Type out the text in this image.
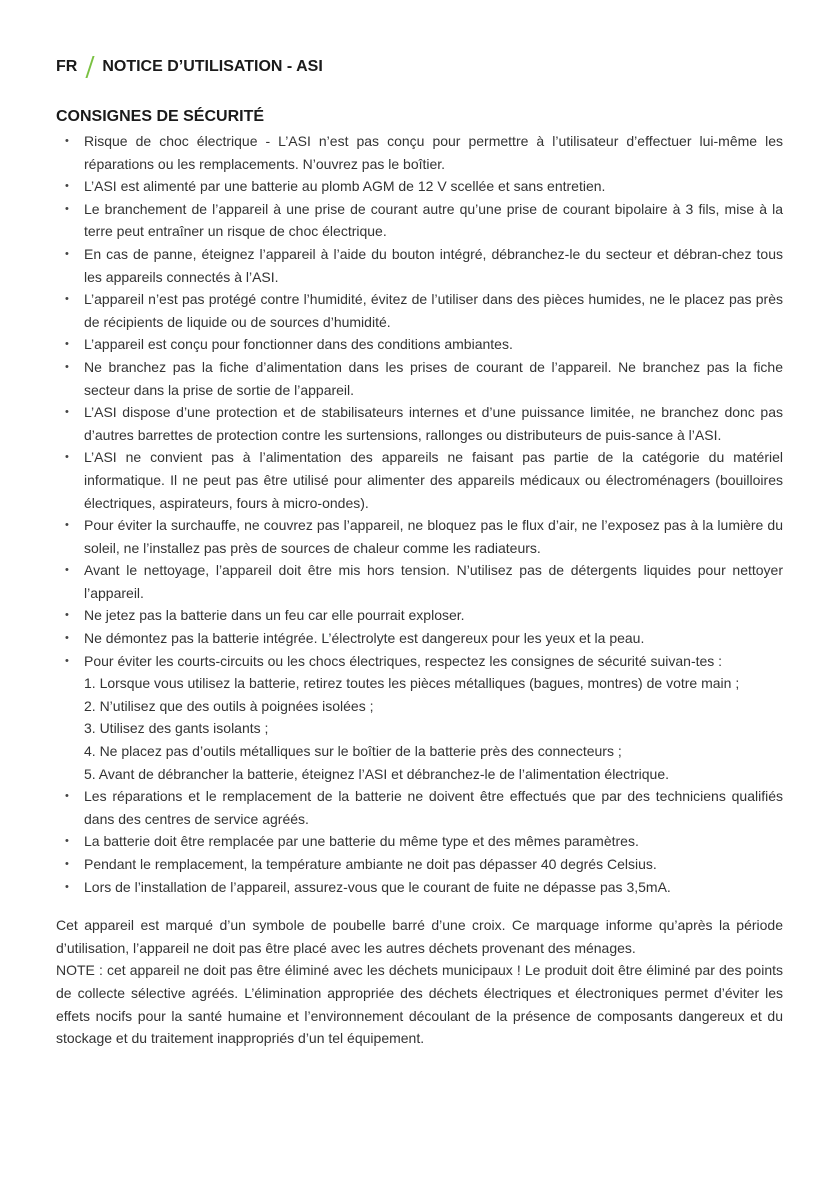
FR NOTICE D’UTILISATION - ASI
CONSIGNES DE SÉCURITÉ
• Risque de choc électrique - L’ASI n’est pas conçu pour permettre à l’utilisateur d’effectuer lui-même les réparations ou les remplacements. N’ouvrez pas le boîtier.
• L’ASI est alimenté par une batterie au plomb AGM de 12 V scellée et sans entretien.
• Le branchement de l’appareil à une prise de courant autre qu’une prise de courant bipolaire à 3 fils, mise à la terre peut entraîner un risque de choc électrique.
• En cas de panne, éteignez l’appareil à l’aide du bouton intégré, débranchez-le du secteur et débran-chez tous les appareils connectés à l’ASI.
• L’appareil n’est pas protégé contre l’humidité, évitez de l’utiliser dans des pièces humides, ne le placez pas près de récipients de liquide ou de sources d’humidité.
• L’appareil est conçu pour fonctionner dans des conditions ambiantes.
• Ne branchez pas la fiche d’alimentation dans les prises de courant de l’appareil. Ne branchez pas la fiche secteur dans la prise de sortie de l’appareil.
• L’ASI dispose d’une protection et de stabilisateurs internes et d’une puissance limitée, ne branchez donc pas d’autres barrettes de protection contre les surtensions, rallonges ou distributeurs de puis-sance à l’ASI.
• L’ASI ne convient pas à l’alimentation des appareils ne faisant pas partie de la catégorie du matériel informatique. Il ne peut pas être utilisé pour alimenter des appareils médicaux ou électroménagers (bouilloires électriques, aspirateurs, fours à micro-ondes).
• Pour éviter la surchauffe, ne couvrez pas l’appareil, ne bloquez pas le flux d’air, ne l’exposez pas à la lumière du soleil, ne l’installez pas près de sources de chaleur comme les radiateurs.
• Avant le nettoyage, l’appareil doit être mis hors tension. N’utilisez pas de détergents liquides pour nettoyer l’appareil.
• Ne jetez pas la batterie dans un feu car elle pourrait exploser.
• Ne démontez pas la batterie intégrée. L’électrolyte est dangereux pour les yeux et la peau.
• Pour éviter les courts-circuits ou les chocs électriques, respectez les consignes de sécurité suivan-tes :
1. Lorsque vous utilisez la batterie, retirez toutes les pièces métalliques (bagues, montres) de votre main ;
2. N’utilisez que des outils à poignées isolées ;
3. Utilisez des gants isolants ;
4. Ne placez pas d’outils métalliques sur le boîtier de la batterie près des connecteurs ;
5. Avant de débrancher la batterie, éteignez l’ASI et débranchez-le de l’alimentation électrique.
• Les réparations et le remplacement de la batterie ne doivent être effectués que par des techniciens qualifiés dans des centres de service agréés.
• La batterie doit être remplacée par une batterie du même type et des mêmes paramètres.
• Pendant le remplacement, la température ambiante ne doit pas dépasser 40 degrés Celsius.
• Lors de l’installation de l’appareil, assurez-vous que le courant de fuite ne dépasse pas 3,5mA.

Cet appareil est marqué d’un symbole de poubelle barré d’une croix. Ce marquage informe qu’après la période d’utilisation, l’appareil ne doit pas être placé avec les autres déchets provenant des ménages.

NOTE : cet appareil ne doit pas être éliminé avec les déchets municipaux ! Le produit doit être éliminé par des points de collecte sélective agréés. L’élimination appropriée des déchets électriques et électroniques permet d’éviter les effets nocifs pour la santé humaine et l’environnement découlant de la présence de composants dangereux et du stockage et du traitement inappropriés d’un tel équipement.
